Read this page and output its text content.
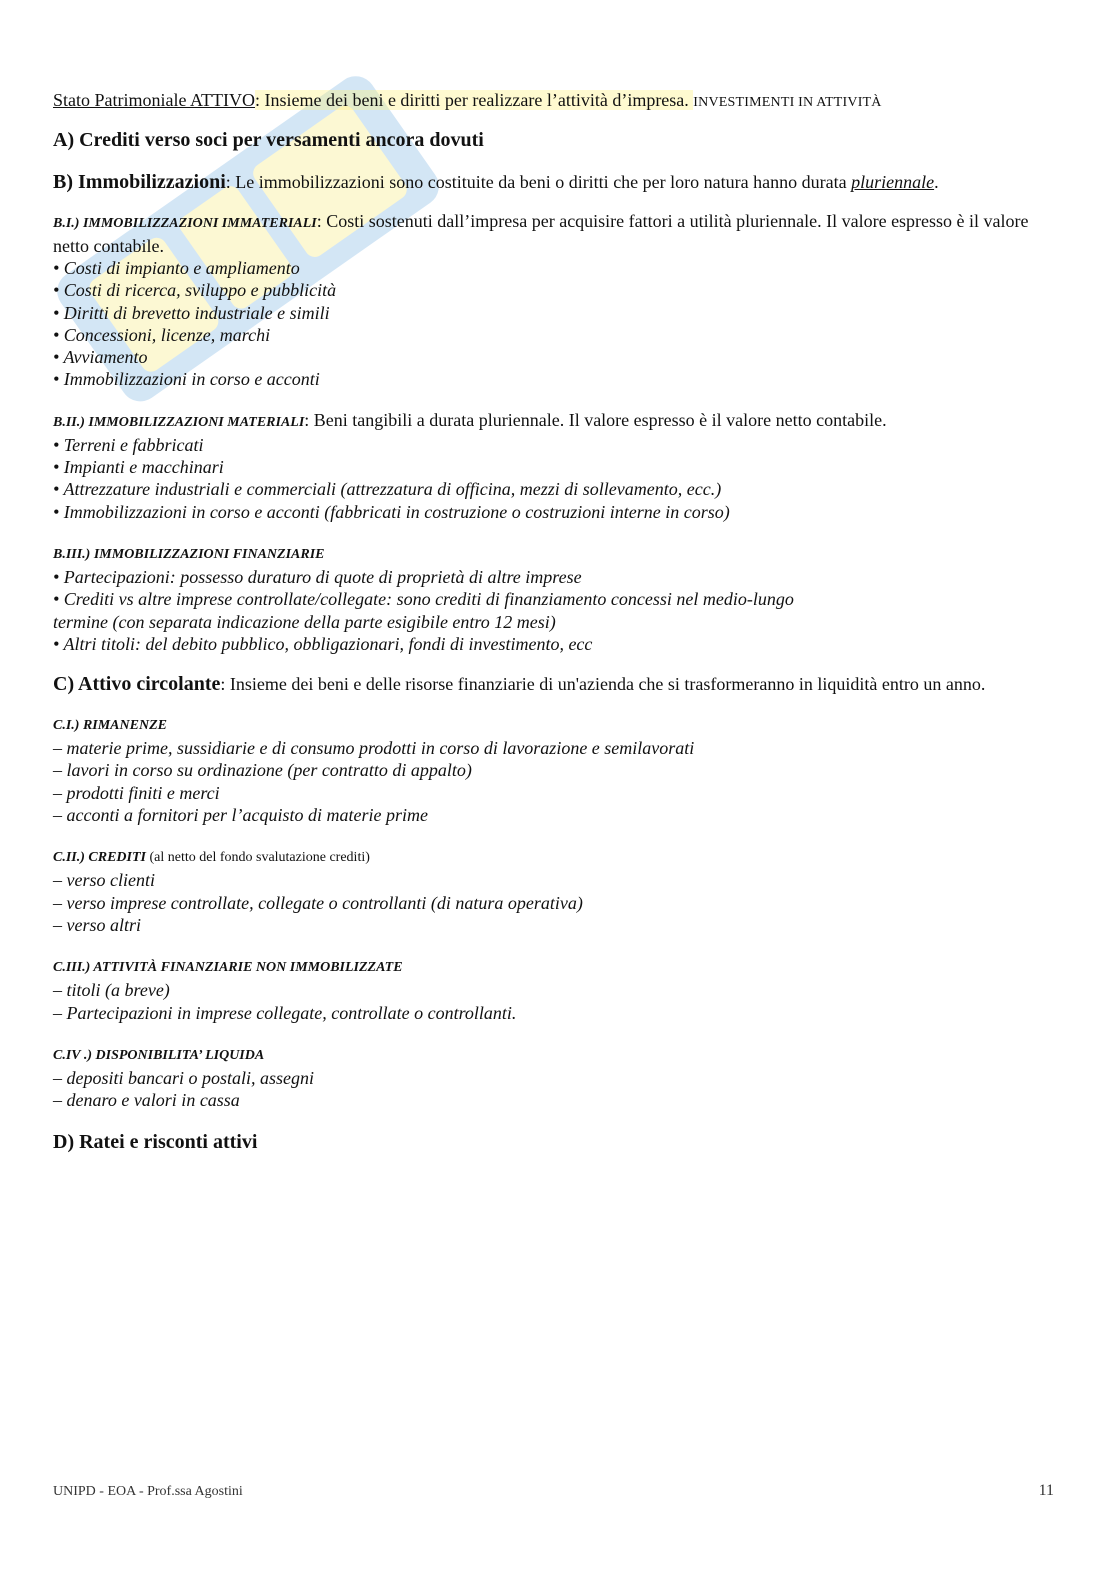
Stato Patrimoniale ATTIVO: Insieme dei beni e diritti per realizzare l’attività d’impresa. INVESTIMENTI IN ATTIVITÀ

A) Crediti verso soci per versamenti ancora dovuti

B) Immobilizzazioni: Le immobilizzazioni sono costituite da beni o diritti che per loro natura hanno durata pluriennale.

B.I.) IMMOBILIZZAZIONI IMMATERIALI: Costi sostenuti dall’impresa per acquisire fattori a utilità pluriennale. Il valore espresso è il valore netto contabile.
• Costi di impianto e ampliamento
• Costi di ricerca, sviluppo e pubblicità
• Diritti di brevetto industriale e simili
• Concessioni, licenze, marchi
• Avviamento
• Immobilizzazioni in corso e acconti
B.II.) IMMOBILIZZAZIONI MATERIALI: Beni tangibili a durata pluriennale. Il valore espresso è il valore netto contabile.
• Terreni e fabbricati
• Impianti e macchinari
• Attrezzature industriali e commerciali (attrezzatura di officina, mezzi di sollevamento, ecc.)
• Immobilizzazioni in corso e acconti (fabbricati in costruzione o costruzioni interne in corso)
B.III.) IMMOBILIZZAZIONI FINANZIARIE
• Partecipazioni: possesso duraturo di quote di proprietà di altre imprese
• Crediti vs altre imprese controllate/collegate: sono crediti di finanziamento concessi nel medio-lungo
termine (con separata indicazione della parte esigibile entro 12 mesi)
• Altri titoli: del debito pubblico, obbligazionari, fondi di investimento, ecc

C) Attivo circolante: Insieme dei beni e delle risorse finanziarie di un'azienda che si trasformeranno in liquidità entro un anno.

C.I.) RIMANENZE
– materie prime, sussidiarie e di consumo prodotti in corso di lavorazione e semilavorati
– lavori in corso su ordinazione (per contratto di appalto)
– prodotti finiti e merci
– acconti a fornitori per l’acquisto di materie prime
C.II.) CREDITI (al netto del fondo svalutazione crediti)
– verso clienti
– verso imprese controllate, collegate o controllanti (di natura operativa)
– verso altri
C.III.) ATTIVITÀ FINANZIARIE NON IMMOBILIZZATE
– titoli (a breve)
– Partecipazioni in imprese collegate, controllate o controllanti.
C.IV .) DISPONIBILITA’ LIQUIDA
– depositi bancari o postali, assegni
– denaro e valori in cassa
D) Ratei e risconti attivi
UNIPD - EOA - Prof.ssa Agostini	11
